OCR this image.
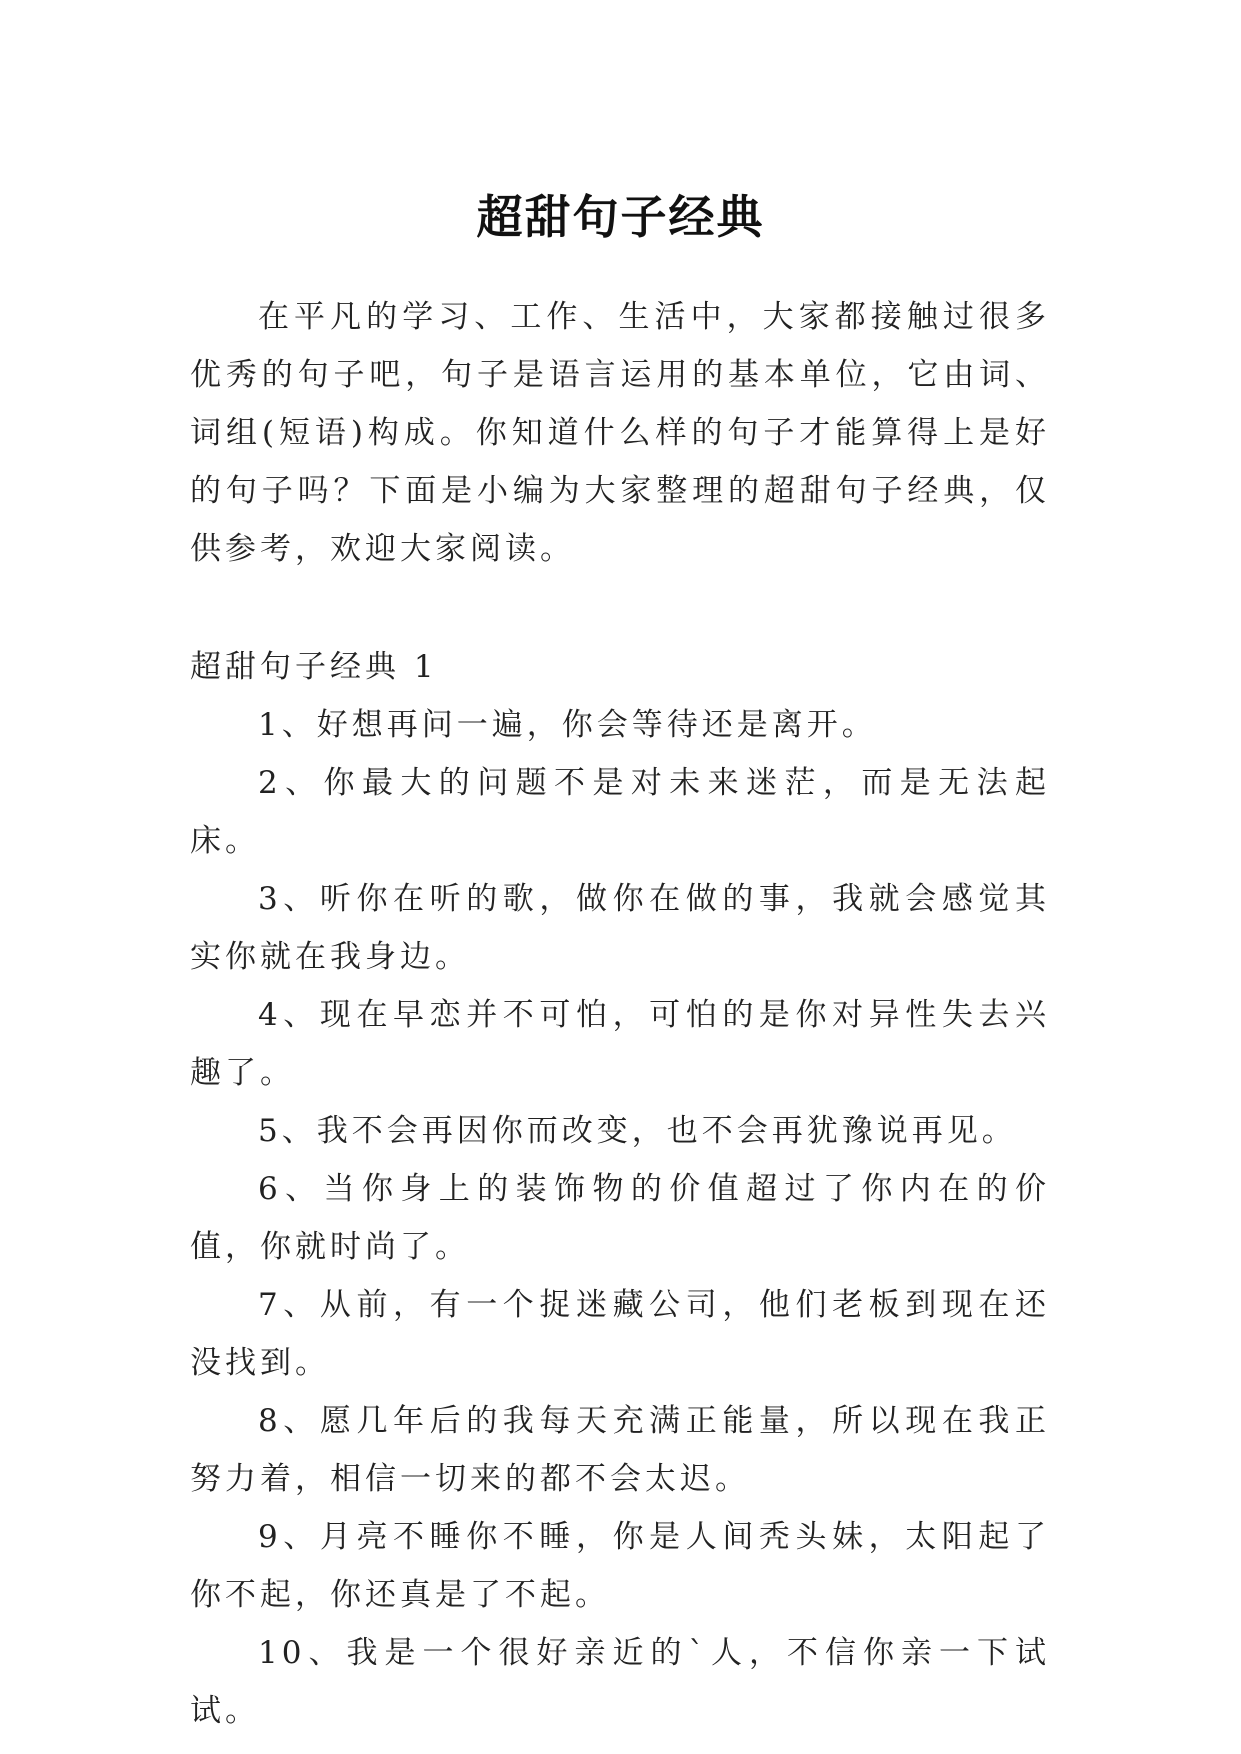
超甜句子经典

在平凡的学习、工作、生活中，大家都接触过很多优秀的句子吧，句子是语言运用的基本单位，它由词、词组(短语)构成。你知道什么样的句子才能算得上是好的句子吗？下面是小编为大家整理的超甜句子经典，仅供参考，欢迎大家阅读。

超甜句子经典 1

1、好想再问一遍，你会等待还是离开。

2、你最大的问题不是对未来迷茫，而是无法起床。

3、听你在听的歌，做你在做的事，我就会感觉其实你就在我身边。

4、现在早恋并不可怕，可怕的是你对异性失去兴趣了。

5、我不会再因你而改变，也不会再犹豫说再见。

6、当你身上的装饰物的价值超过了你内在的价值，你就时尚了。

7、从前，有一个捉迷藏公司，他们老板到现在还没找到。

8、愿几年后的我每天充满正能量，所以现在我正努力着，相信一切来的都不会太迟。

9、月亮不睡你不睡，你是人间秃头妹，太阳起了你不起，你还真是了不起。

10、我是一个很好亲近的`人，不信你亲一下试试。
